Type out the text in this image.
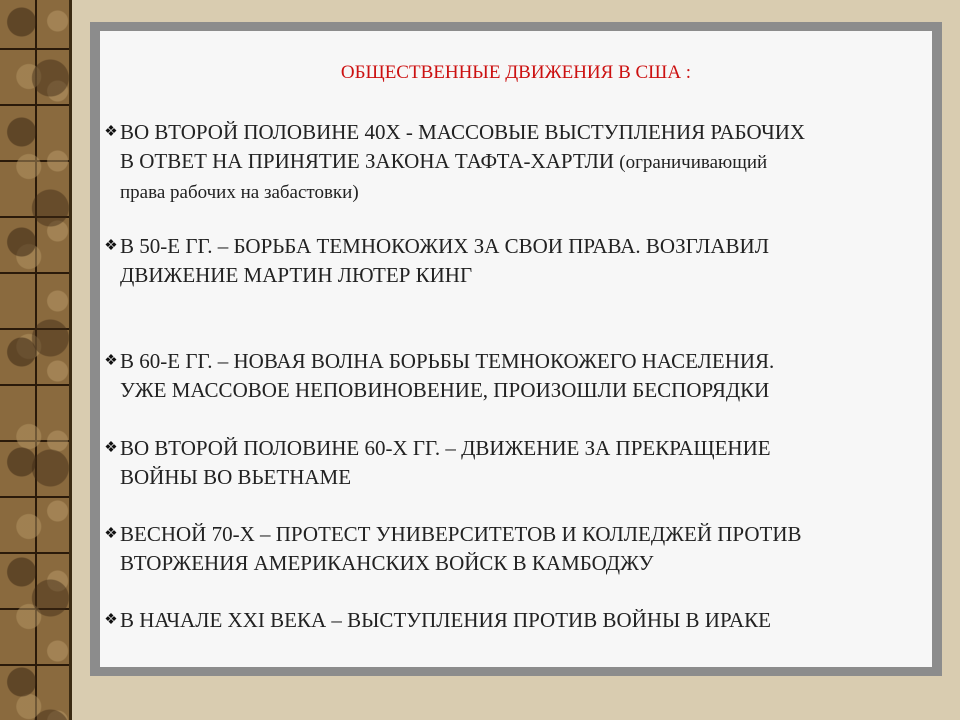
ОБЩЕСТВЕННЫЕ ДВИЖЕНИЯ В США :
❖ ВО ВТОРОЙ ПОЛОВИНЕ 40Х - МАССОВЫЕ ВЫСТУПЛЕНИЯ РАБОЧИХ
В ОТВЕТ НА ПРИНЯТИЕ ЗАКОНА ТАФТА-ХАРТЛИ (ограничивающий
права рабочих на забастовки)
❖ В 50-Е ГГ. – БОРЬБА ТЕМНОКОЖИХ ЗА СВОИ ПРАВА. ВОЗГЛАВИЛ
ДВИЖЕНИЕ МАРТИН ЛЮТЕР КИНГ
❖ В 60-Е ГГ. – НОВАЯ ВОЛНА БОРЬБЫ ТЕМНОКОЖЕГО НАСЕЛЕНИЯ.
УЖЕ МАССОВОЕ НЕПОВИНОВЕНИЕ, ПРОИЗОШЛИ БЕСПОРЯДКИ
❖ ВО ВТОРОЙ ПОЛОВИНЕ 60-Х ГГ. – ДВИЖЕНИЕ ЗА ПРЕКРАЩЕНИЕ
ВОЙНЫ ВО ВЬЕТНАМЕ
❖ ВЕСНОЙ 70-Х – ПРОТЕСТ УНИВЕРСИТЕТОВ И КОЛЛЕДЖЕЙ ПРОТИВ
ВТОРЖЕНИЯ АМЕРИКАНСКИХ ВОЙСК В КАМБОДЖУ
❖ В НАЧАЛЕ XXI ВЕКА – ВЫСТУПЛЕНИЯ ПРОТИВ ВОЙНЫ В ИРАКЕ
